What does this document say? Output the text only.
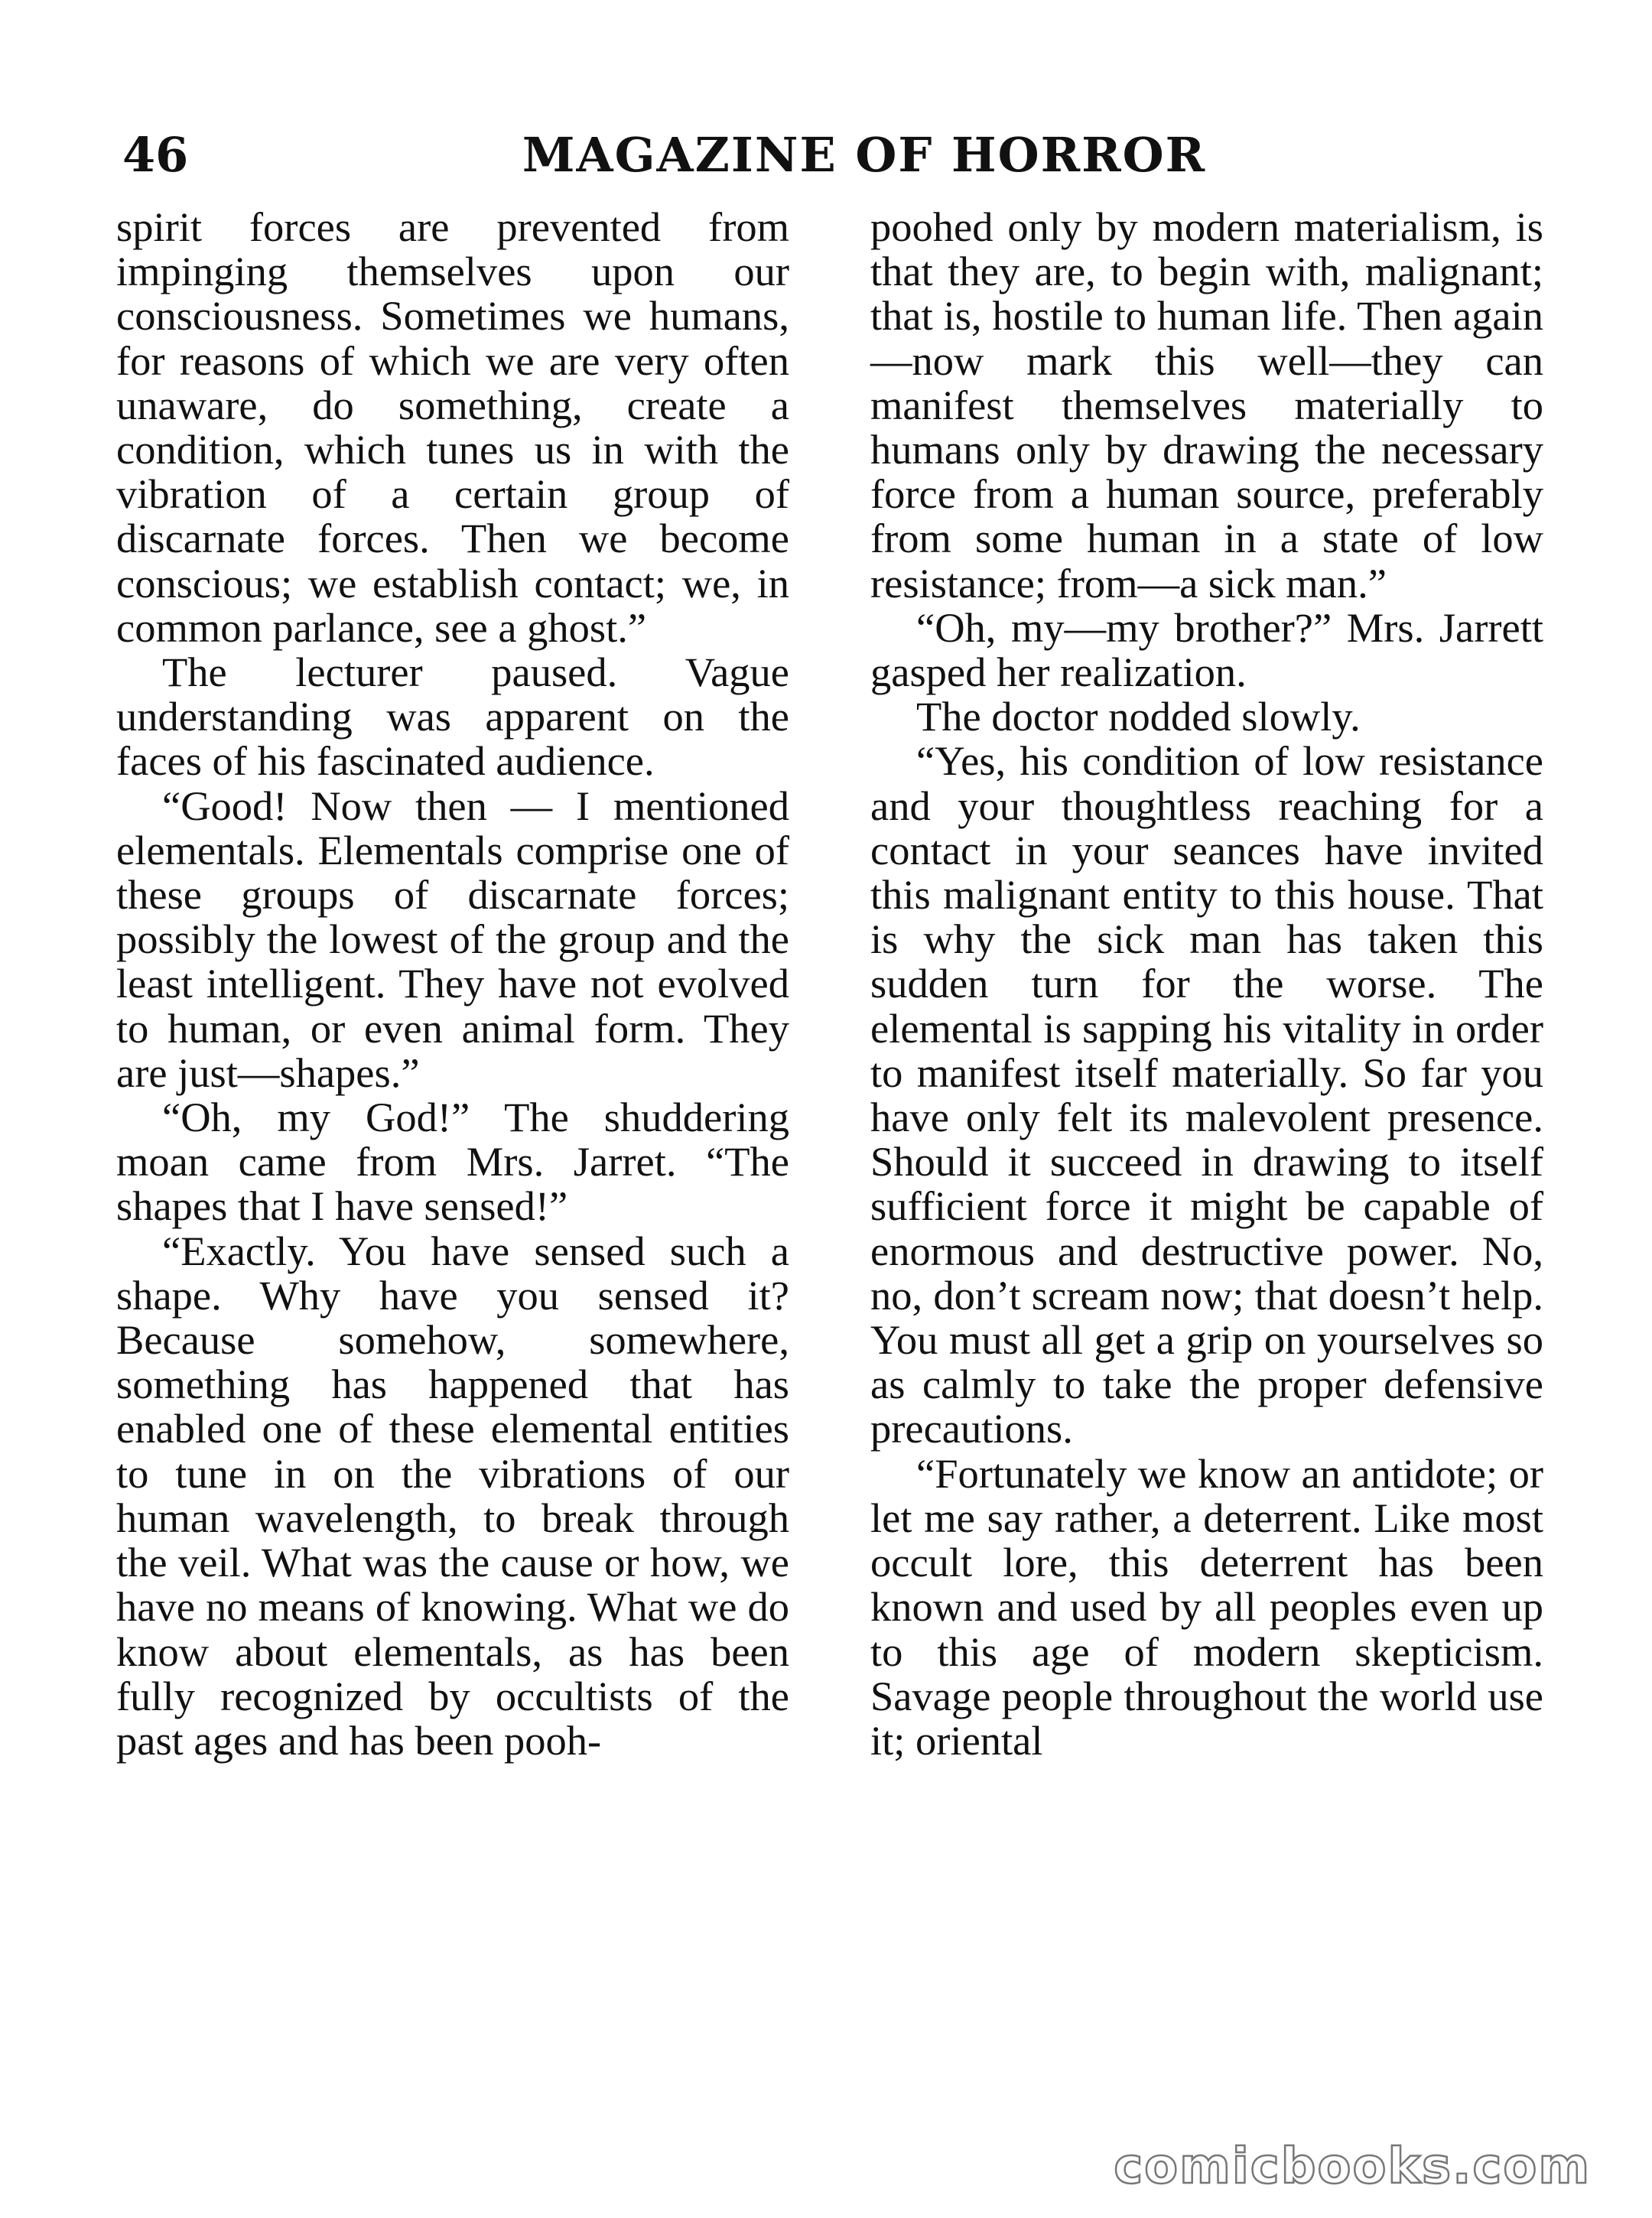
46	MAGAZINE OF HORROR

spirit forces are prevented from impinging themselves upon our consciousness. Sometimes we humans, for reasons of which we are very often unaware, do something, create a condition, which tunes us in with the vibration of a certain group of discarnate forces. Then we become conscious; we establish contact; we, in common parlance, see a ghost.”

The lecturer paused. Vague understanding was apparent on the faces of his fascinated audience.

“Good! Now then — I mentioned elementals. Elementals comprise one of these groups of discarnate forces; possibly the lowest of the group and the least intelligent. They have not evolved to human, or even animal form. They are just—shapes.”

“Oh, my God!” The shuddering moan came from Mrs. Jarret. “The shapes that I have sensed!”

“Exactly. You have sensed such a shape. Why have you sensed it? Because somehow, somewhere, something has happened that has enabled one of these elemental entities to tune in on the vibrations of our human wavelength, to break through the veil. What was the cause or how, we have no means of knowing. What we do know about elementals, as has been fully recognized by occultists of the past ages and has been pooh-

poohed only by modern materialism, is that they are, to begin with, malignant; that is, hostile to human life. Then again —now mark this well—they can manifest themselves materially to humans only by drawing the necessary force from a human source, preferably from some human in a state of low resistance; from—a sick man.”

“Oh, my—my brother?” Mrs. Jarrett gasped her realization.

The doctor nodded slowly.

“Yes, his condition of low resistance and your thoughtless reaching for a contact in your seances have invited this malignant entity to this house. That is why the sick man has taken this sudden turn for the worse. The elemental is sapping his vitality in order to manifest itself materially. So far you have only felt its malevolent presence. Should it succeed in drawing to itself sufficient force it might be capable of enormous and destructive power. No, no, don’t scream now; that doesn’t help. You must all get a grip on yourselves so as calmly to take the proper defensive precautions.

“Fortunately we know an antidote; or let me say rather, a deterrent. Like most occult lore, this deterrent has been known and used by all peoples even up to this age of modern skepticism. Savage people throughout the world use it; oriental

comicbooks.com
